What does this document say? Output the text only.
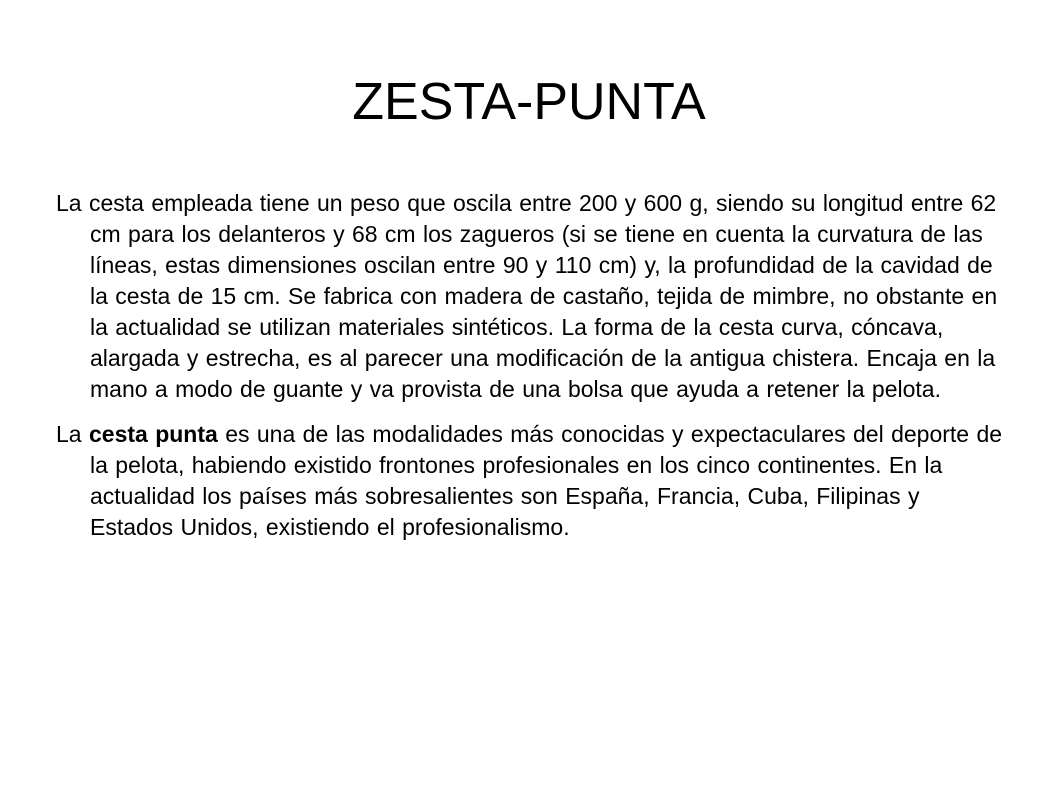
ZESTA-PUNTA

La cesta empleada tiene un peso que oscila entre 200 y 600 g, siendo su longitud entre 62 cm para los delanteros y 68 cm los zagueros (si se tiene en cuenta la curvatura de las líneas, estas dimensiones oscilan entre 90 y 110 cm) y, la profundidad de la cavidad de la cesta de 15 cm. Se fabrica con madera de castaño, tejida de mimbre, no obstante en la actualidad se utilizan materiales sintéticos. La forma de la cesta curva, cóncava, alargada y estrecha, es al parecer una modificación de la antigua chistera. Encaja en la mano a modo de guante y va provista de una bolsa que ayuda a retener la pelota.

La cesta punta es una de las modalidades más conocidas y expectaculares del deporte de la pelota, habiendo existido frontones profesionales en los cinco continentes. En la actualidad los países más sobresalientes son España, Francia, Cuba, Filipinas y Estados Unidos, existiendo el profesionalismo.
